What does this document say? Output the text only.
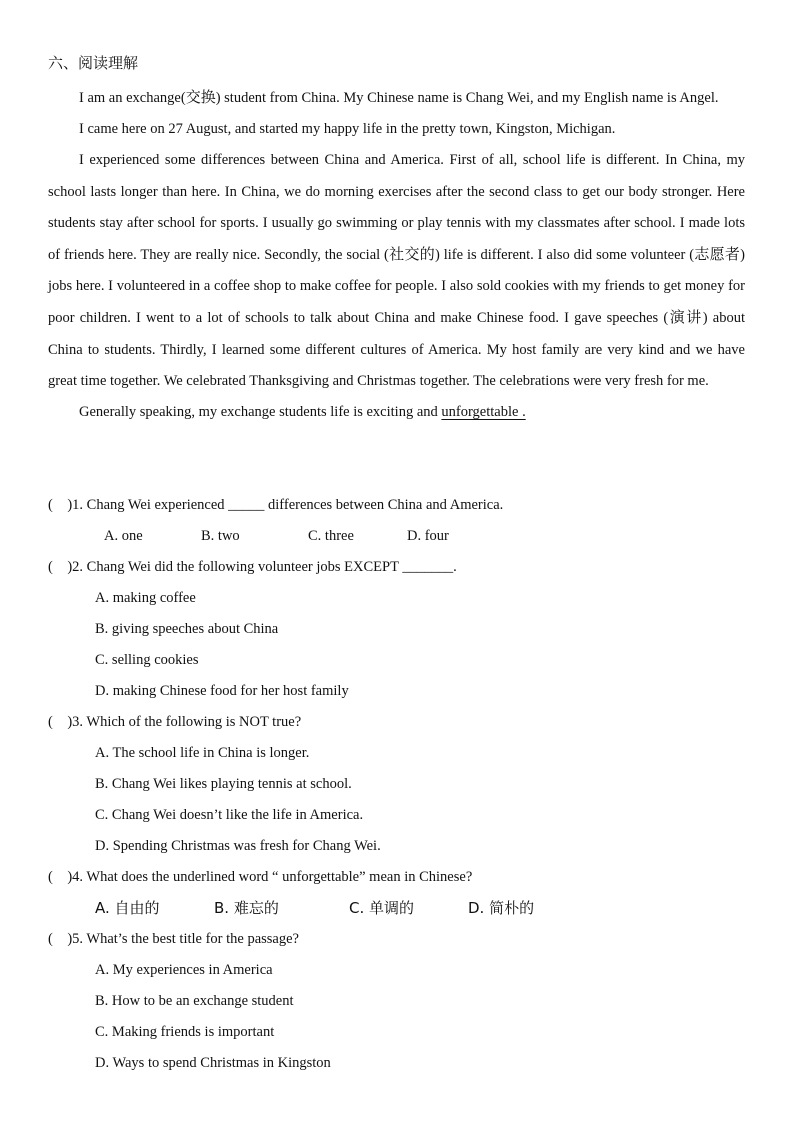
六、阅读理解

I am an exchange(交换) student from China. My Chinese name is Chang Wei, and my English name is Angel.

I came here on 27 August, and started my happy life in the pretty town, Kingston, Michigan.

I experienced some differences between China and America. First of all, school life is different. In China, my school lasts longer than here. In China, we do morning exercises after the second class to get our body stronger. Here students stay after school for sports. I usually go swimming or play tennis with my classmates after school. I made lots of friends here. They are really nice. Secondly, the social (社交的) life is different. I also did some volunteer (志愿者) jobs here. I volunteered in a coffee shop to make coffee for people. I also sold cookies with my friends to get money for poor children. I went to a lot of schools to talk about China and make Chinese food. I gave speeches (演讲) about China to students. Thirdly, I learned some different cultures of America. My host family are very kind and we have great time together. We celebrated Thanksgiving and Christmas together. The celebrations were very fresh for me.

Generally speaking, my exchange students life is exciting and unforgettable .

(    )1. Chang Wei experienced _____ differences between China and America.
A. one	B. two	C. three	D. four
(    )2. Chang Wei did the following volunteer jobs EXCEPT _______.
A. making coffee
B. giving speeches about China
C. selling cookies
D. making Chinese food for her host family
(    )3. Which of the following is NOT true?
A. The school life in China is longer.
B. Chang Wei likes playing tennis at school.
C. Chang Wei doesn’t like the life in America.
D. Spending Christmas was fresh for Chang Wei.
(    )4. What does the underlined word “ unforgettable” mean in Chinese?
A. 自由的	B. 难忘的	C. 单调的	D. 简朴的
(    )5. What’s the best title for the passage?
A. My experiences in America
B. How to be an exchange student
C. Making friends is important
D. Ways to spend Christmas in Kingston
